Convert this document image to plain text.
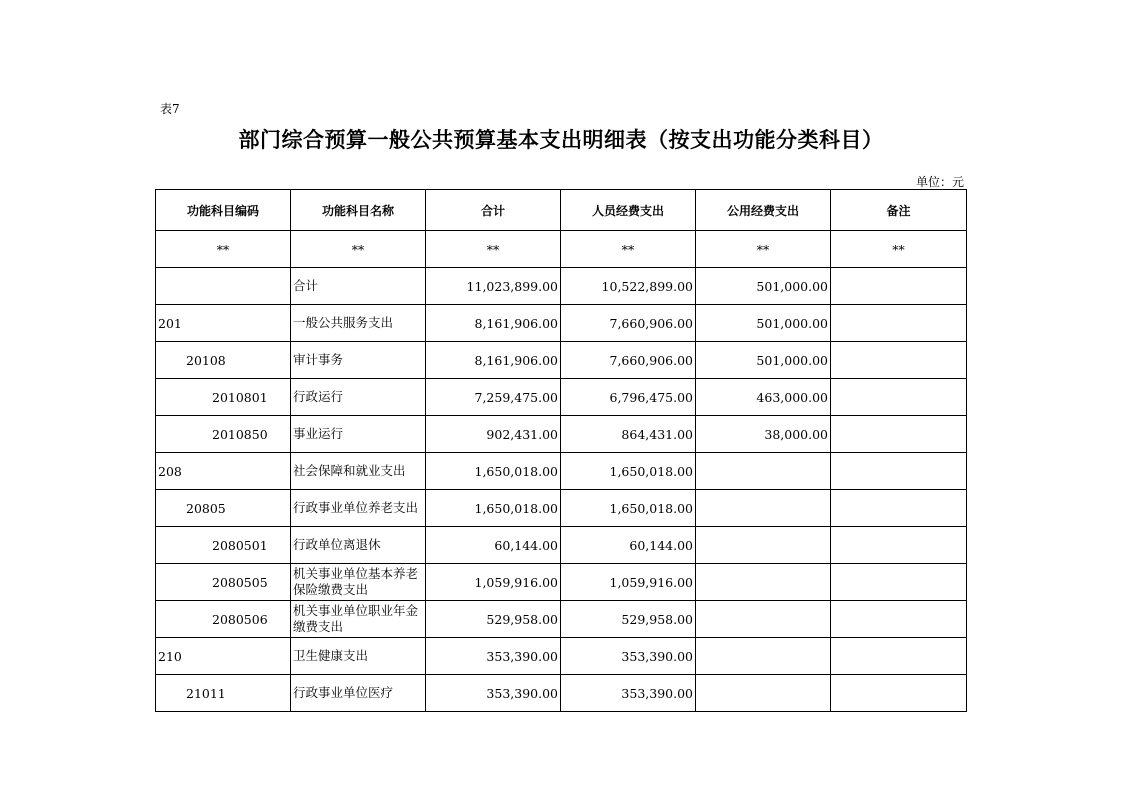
表7
部门综合预算一般公共预算基本支出明细表（按支出功能分类科目）
单位：元
功能科目编码	功能科目名称	合计	人员经费支出	公用经费支出	备注
**	**	**	**	**	**
	合计	11,023,899.00	10,522,899.00	501,000.00	
201	一般公共服务支出	8,161,906.00	7,660,906.00	501,000.00	
20108	审计事务	8,161,906.00	7,660,906.00	501,000.00	
2010801	行政运行	7,259,475.00	6,796,475.00	463,000.00	
2010850	事业运行	902,431.00	864,431.00	38,000.00	
208	社会保障和就业支出	1,650,018.00	1,650,018.00		
20805	行政事业单位养老支出	1,650,018.00	1,650,018.00		
2080501	行政单位离退休	60,144.00	60,144.00		
2080505	机关事业单位基本养老保险缴费支出	1,059,916.00	1,059,916.00		
2080506	机关事业单位职业年金缴费支出	529,958.00	529,958.00		
210	卫生健康支出	353,390.00	353,390.00		
21011	行政事业单位医疗	353,390.00	353,390.00		
